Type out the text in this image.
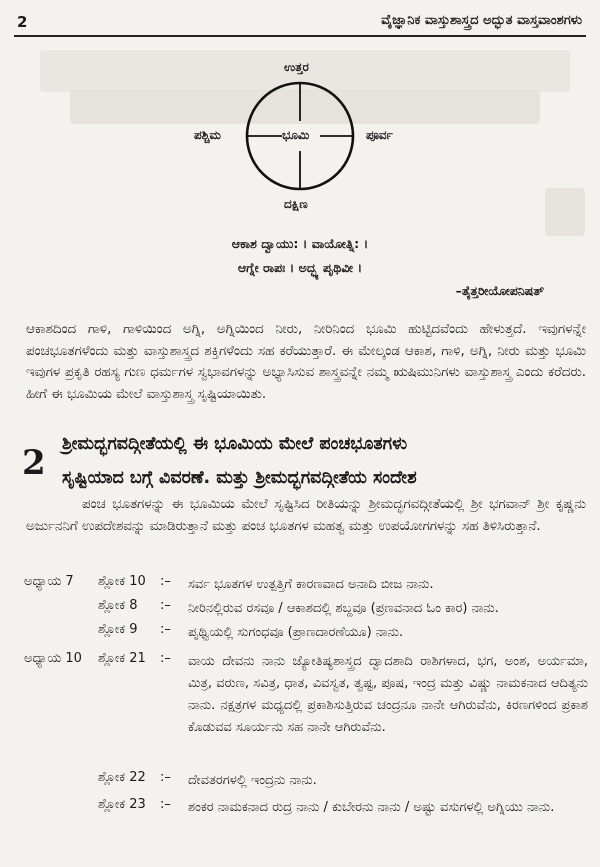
2	ವೈಜ್ಞಾನಿಕ ವಾಸ್ತುಶಾಸ್ತ್ರದ ಅದ್ಭುತ ವಾಸ್ತವಾಂಶಗಳು
ಉತ್ತರ
ಪಶ್ಚಿಮ	ಭೂಮಿ	ಪೂರ್ವ
ದಕ್ಷಿಣ
ಆಕಾಶ ದ್ವಾಯು: । ವಾಯೋತ್ನಿ: ।
ಆಗ್ನೇ ರಾಪಃ । ಅದ್ಭ್ಯ ಪೃಥಿವೀ ।
–ತೈತ್ತರೀಯೋಪನಿಷತ್

ಆಕಾಶದಿಂದ ಗಾಳಿ, ಗಾಳಿಯಿಂದ ಅಗ್ನಿ, ಅಗ್ನಿಯಿಂದ ನೀರು, ನೀರಿನಿಂದ ಭೂಮಿ ಹುಟ್ಟಿದವೆಂದು ಹೇಳುತ್ತದೆ. ಇವುಗಳನ್ನೇ ಪಂಚಭೂತಗಳೆಂದು ಮತ್ತು ವಾಸ್ತುಶಾಸ್ತ್ರದ ಶಕ್ತಿಗಳೆಂದು ಸಹ ಕರೆಯುತ್ತಾರೆ. ಈ ಮೇಲ್ಕಂಡ ಆಕಾಶ, ಗಾಳಿ, ಅಗ್ನಿ, ನೀರು ಮತ್ತು ಭೂಮಿ ಇವುಗಳ ಪ್ರಕೃತಿ ರಹಸ್ಯ ಗುಣ ಧರ್ಮಗಳ ಸ್ವಭಾವಗಳನ್ನು ಅಭ್ಯಾಸಿಸುವ ಶಾಸ್ತ್ರವನ್ನೇ ನಮ್ಮ ಋಷಿಮುನಿಗಳು ವಾಸ್ತುಶಾಸ್ತ್ರ ಎಂದು ಕರೆದರು. ಹೀಗೆ ಈ ಭೂಮಿಯ ಮೇಲೆ ವಾಸ್ತುಶಾಸ್ತ್ರ ಸೃಷ್ಟಿಯಾಯಿತು.

2 ಶ್ರೀಮದ್ಭಗವದ್ಗೀತೆಯಲ್ಲಿ ಈ ಭೂಮಿಯ ಮೇಲೆ ಪಂಚಭೂತಗಳು
ಸೃಷ್ಟಿಯಾದ ಬಗ್ಗೆ ವಿವರಣೆ. ಮತ್ತು ಶ್ರೀಮದ್ಭಗವದ್ಗೀತೆಯ ಸಂದೇಶ

ಪಂಚ ಭೂತಗಳನ್ನು ಈ ಭೂಮಿಯ ಮೇಲೆ ಸೃಷ್ಟಿಸಿದ ರೀತಿಯನ್ನು ಶ್ರೀಮದ್ಭಗವದ್ಗೀತೆಯಲ್ಲಿ ಶ್ರೀ ಭಗವಾನ್ ಶ್ರೀ ಕೃಷ್ಣನು ಅರ್ಜುನನಿಗೆ ಉಪದೇಶವನ್ನು ಮಾಡಿರುತ್ತಾನೆ ಮತ್ತು ಪಂಚ ಭೂತಗಳ ಮಹತ್ವ ಮತ್ತು ಉಪಯೋಗಗಳನ್ನು ಸಹ ತಿಳಿಸಿರುತ್ತಾನೆ.

ಅಧ್ಯಾಯ 7 ಶ್ಲೋಕ 10 :– ಸರ್ವ ಭೂತಗಳ ಉತ್ಪತ್ತಿಗೆ ಕಾರಣವಾದ ಅನಾದಿ ಬೀಜ ನಾನು.
ಶ್ಲೋಕ 8 :– ನೀರಿನಲ್ಲಿರುವ ರಸವೂ / ಆಕಾಶದಲ್ಲಿ ಶಬ್ದವೂ (ಪ್ರಣವನಾದ ಓಂ ಕಾರ) ನಾನು.
ಶ್ಲೋಕ 9 :– ಪೃಥ್ವಿಯಲ್ಲಿ ಸುಗಂಧವೂ (ಪ್ರಾಣದಾರಣೆಯೂ) ನಾನು.
ಅಧ್ಯಾಯ 10 ಶ್ಲೋಕ 21 :– ವಾಯ ದೇವನು ನಾನು ಜ್ಯೋತಿಷ್ಯಶಾಸ್ತ್ರದ ದ್ವಾದಶಾದಿ ರಾಶಿಗಳಾದ, ಭಗ, ಅಂಶ, ಅರ್ಯಮಾ, ಮಿತ್ರ, ವರುಣ, ಸವಿತ್ರ, ಧಾತ, ವಿವಸ್ವತ, ತ್ವಷ್ಟ, ಪೂಷ, ಇಂದ್ರ ಮತ್ತು ವಿಷ್ಣು ನಾಮಕನಾದ ಆದಿತ್ಯನು ನಾನು. ನಕ್ಷತ್ರಗಳ ಮಧ್ಯದಲ್ಲಿ ಪ್ರಕಾಶಿಸುತ್ತಿರುವ ಚಂದ್ರನೂ ನಾನೇ ಆಗಿರುವೆನು, ಕಿರಣಗಳಿಂದ ಪ್ರಕಾಶ ಕೊಡುವವ ಸೂರ್ಯನು ಸಹ ನಾನೇ ಆಗಿರುವೆನು.
ಶ್ಲೋಕ 22 :– ದೇವತರಗಳಲ್ಲಿ ಇಂದ್ರನು ನಾನು.
ಶ್ಲೋಕ 23 :– ಶಂಕರ ನಾಮಕನಾದ ರುದ್ರ ನಾನು / ಕುಬೇರನು ನಾನು / ಅಷ್ಟು ವಸುಗಳಲ್ಲಿ ಅಗ್ನಿಯು ನಾನು.
